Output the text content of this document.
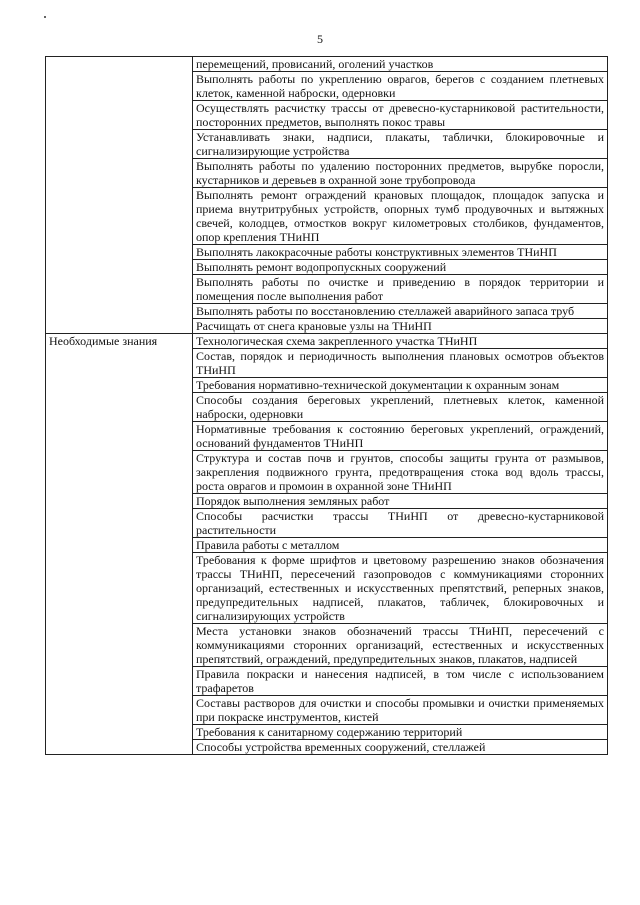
5
	перемещений, провисаний, оголений участков
	Выполнять работы по укреплению оврагов, берегов с созданием плетневых клеток, каменной наброски, одерновки
	Осуществлять расчистку трассы от древесно-кустарниковой растительности, посторонних предметов, выполнять покос травы
	Устанавливать знаки, надписи, плакаты, таблички, блокировочные и сигнализирующие устройства
	Выполнять работы по удалению посторонних предметов, вырубке поросли, кустарников и деревьев в охранной зоне трубопровода
	Выполнять ремонт ограждений крановых площадок, площадок запуска и приема внутритрубных устройств, опорных тумб продувочных и вытяжных свечей, колодцев, отмостков вокруг километровых столбиков, фундаментов, опор крепления ТНиНП
	Выполнять лакокрасочные работы конструктивных элементов ТНиНП
	Выполнять ремонт водопропускных сооружений
	Выполнять работы по очистке и приведению в порядок территории и помещения после выполнения работ
	Выполнять работы по восстановлению стеллажей аварийного запаса труб
	Расчищать от снега крановые узлы на ТНиНП
Необходимые знания	Технологическая схема закрепленного участка ТНиНП
	Состав, порядок и периодичность выполнения плановых осмотров объектов ТНиНП
	Требования нормативно-технической документации к охранным зонам
	Способы создания береговых укреплений, плетневых клеток, каменной наброски, одерновки
	Нормативные требования к состоянию береговых укреплений, ограждений, оснований фундаментов ТНиНП
	Структура и состав почв и грунтов, способы защиты грунта от размывов, закрепления подвижного грунта, предотвращения стока вод вдоль трассы, роста оврагов и промоин в охранной зоне ТНиНП
	Порядок выполнения земляных работ
	Способы расчистки трассы ТНиНП от древесно-кустарниковой растительности
	Правила работы с металлом
	Требования к форме шрифтов и цветовому разрешению знаков обозначения трассы ТНиНП, пересечений газопроводов с коммуникациями сторонних организаций, естественных и искусственных препятствий, реперных знаков, предупредительных надписей, плакатов, табличек, блокировочных и сигнализирующих устройств
	Места установки знаков обозначений трассы ТНиНП, пересечений с коммуникациями сторонних организаций, естественных и искусственных препятствий, ограждений, предупредительных знаков, плакатов, надписей
	Правила покраски и нанесения надписей, в том числе с использованием трафаретов
	Составы растворов для очистки и способы промывки и очистки применяемых при покраске инструментов, кистей
	Требования к санитарному содержанию территорий
	Способы устройства временных сооружений, стеллажей
